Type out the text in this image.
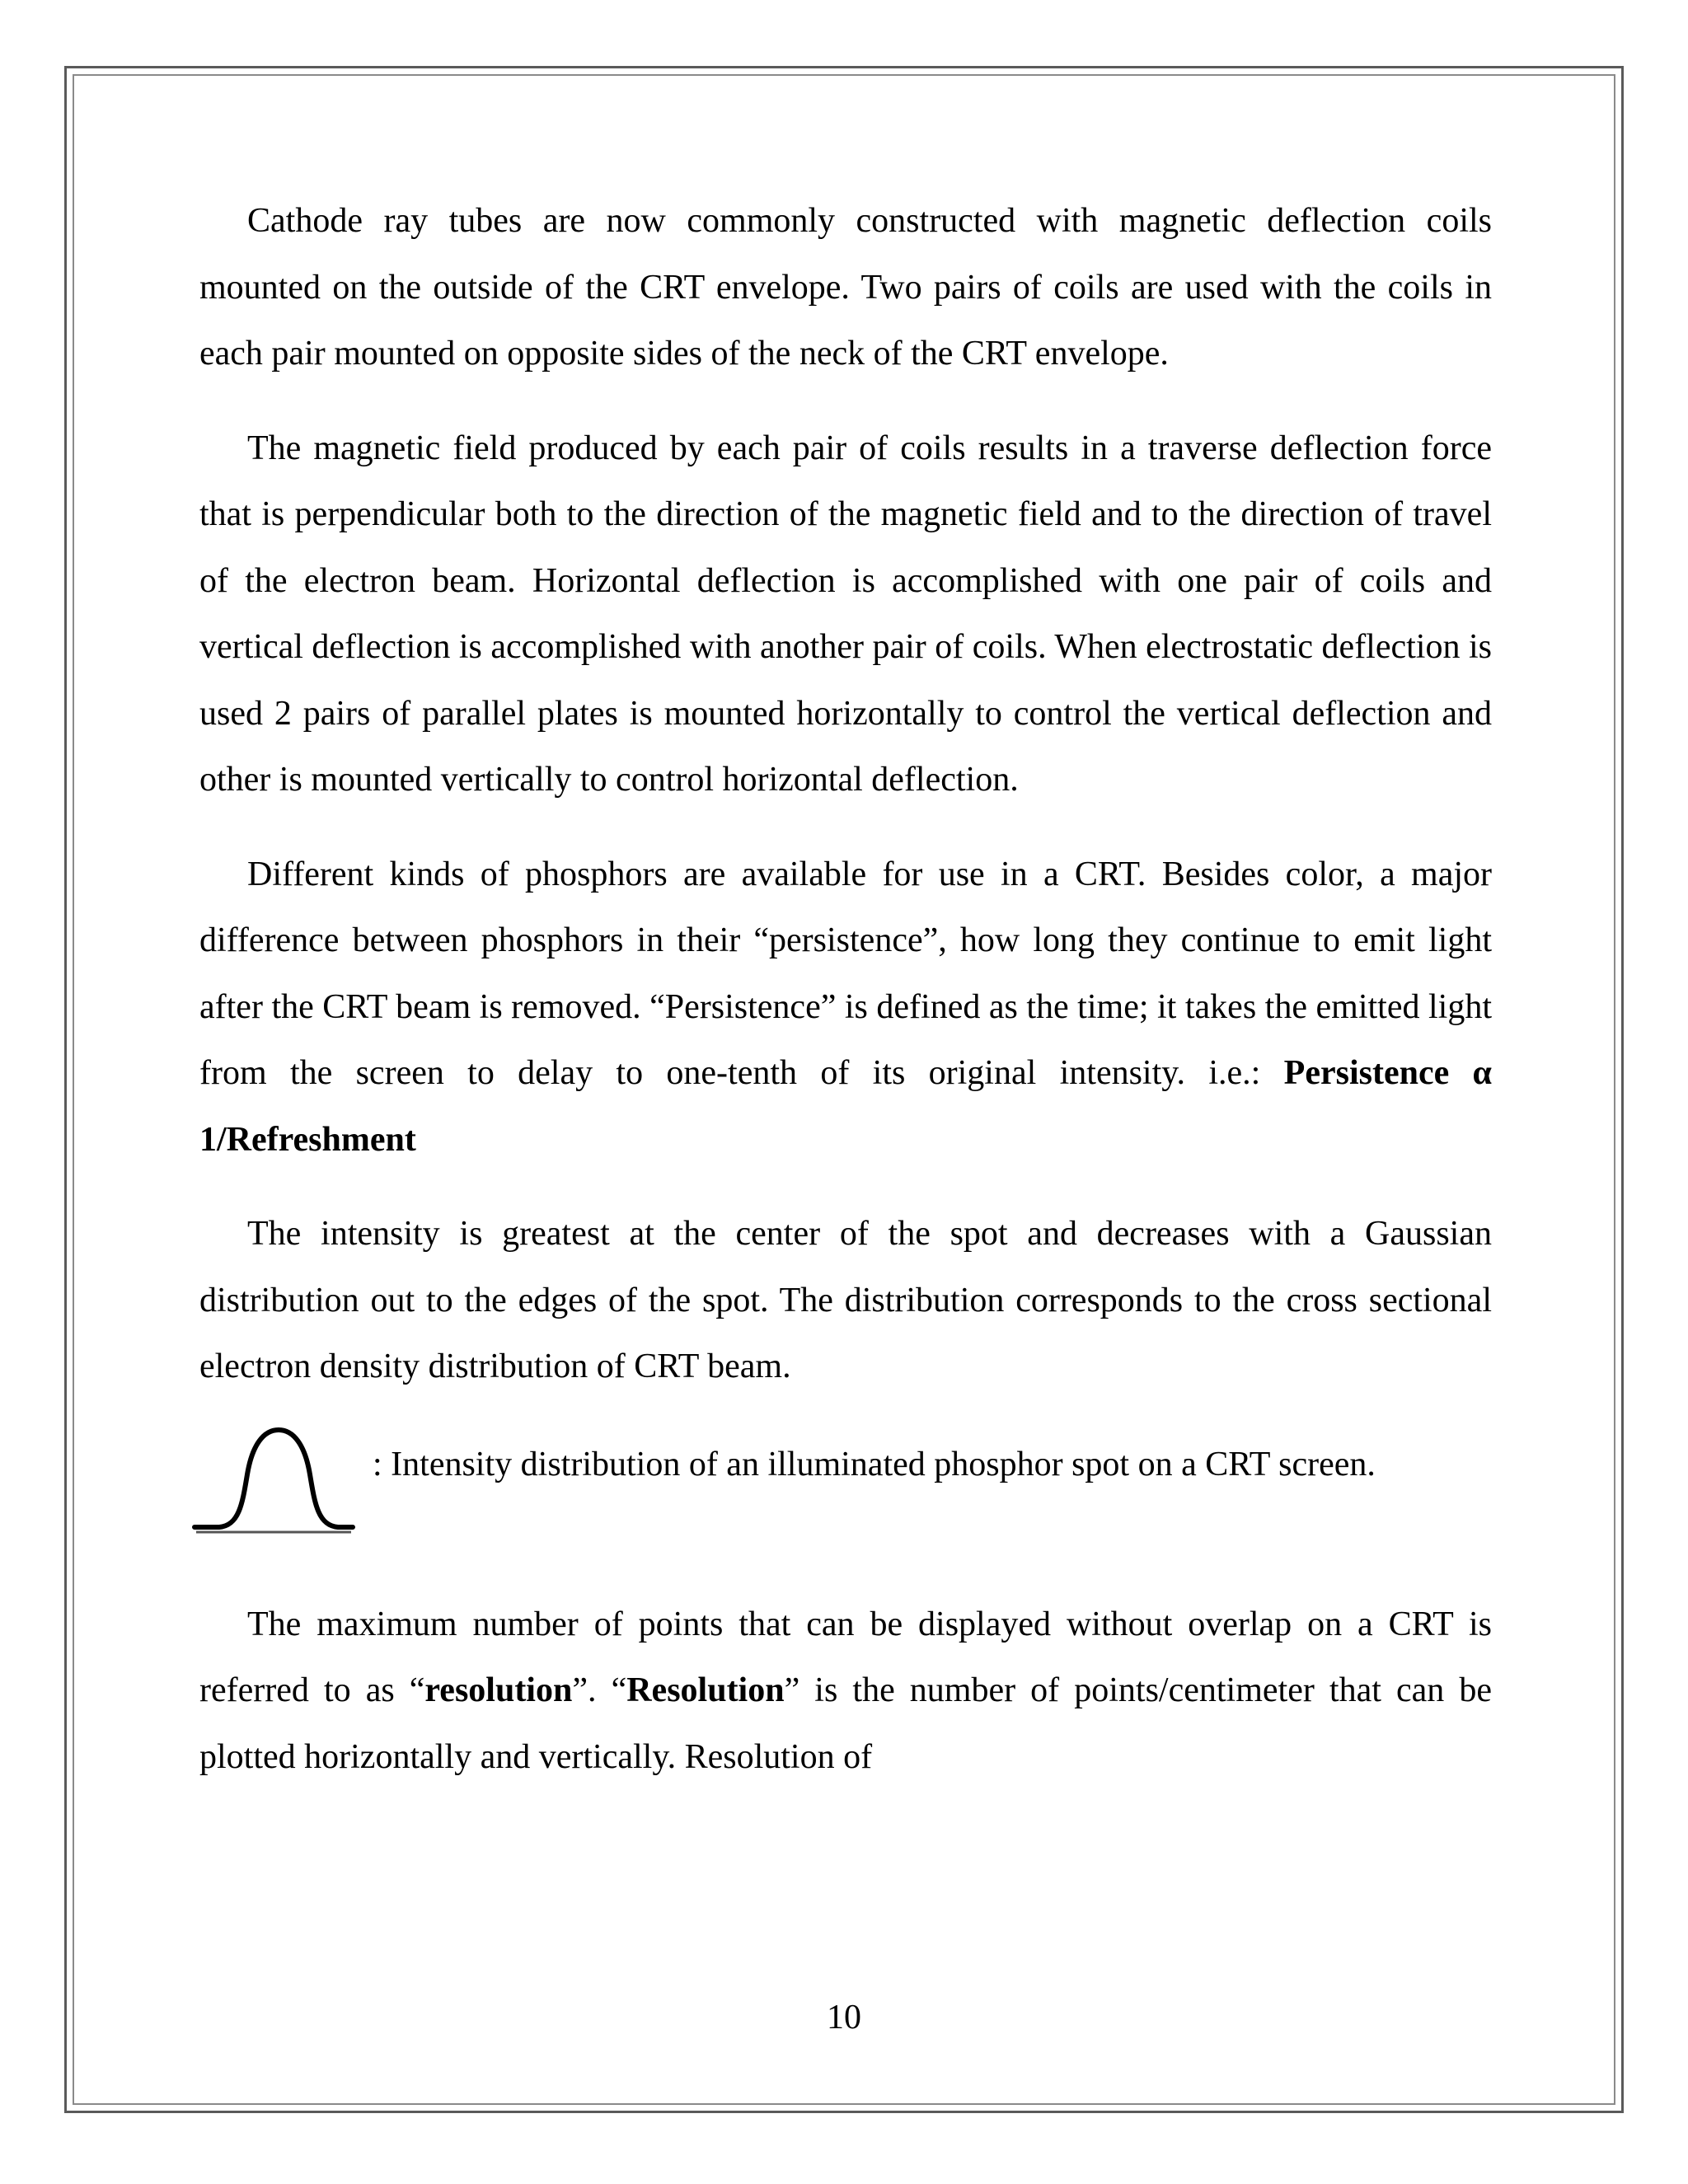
Cathode ray tubes are now commonly constructed with magnetic deflection coils mounted on the outside of the CRT envelope. Two pairs of coils are used with the coils in each pair mounted on opposite sides of the neck of the CRT envelope.

The magnetic field produced by each pair of coils results in a traverse deflection force that is perpendicular both to the direction of the magnetic field and to the direction of travel of the electron beam. Horizontal deflection is accomplished with one pair of coils and vertical deflection is accomplished with another pair of coils. When electrostatic deflection is used 2 pairs of parallel plates is mounted horizontally to control the vertical deflection and other is mounted vertically to control horizontal deflection.

Different kinds of phosphors are available for use in a CRT. Besides color, a major difference between phosphors in their “persistence”, how long they continue to emit light after the CRT beam is removed. “Persistence” is defined as the time; it takes the emitted light from the screen to delay to one-tenth of its original intensity. i.e.: Persistence α 1/Refreshment

The intensity is greatest at the center of the spot and decreases with a Gaussian distribution out to the edges of the spot. The distribution corresponds to the cross sectional electron density distribution of CRT beam.

: Intensity distribution of an illuminated phosphor spot on a CRT screen.

The maximum number of points that can be displayed without overlap on a CRT is referred to as “resolution”. “Resolution” is the number of points/centimeter that can be plotted horizontally and vertically. Resolution of

10
